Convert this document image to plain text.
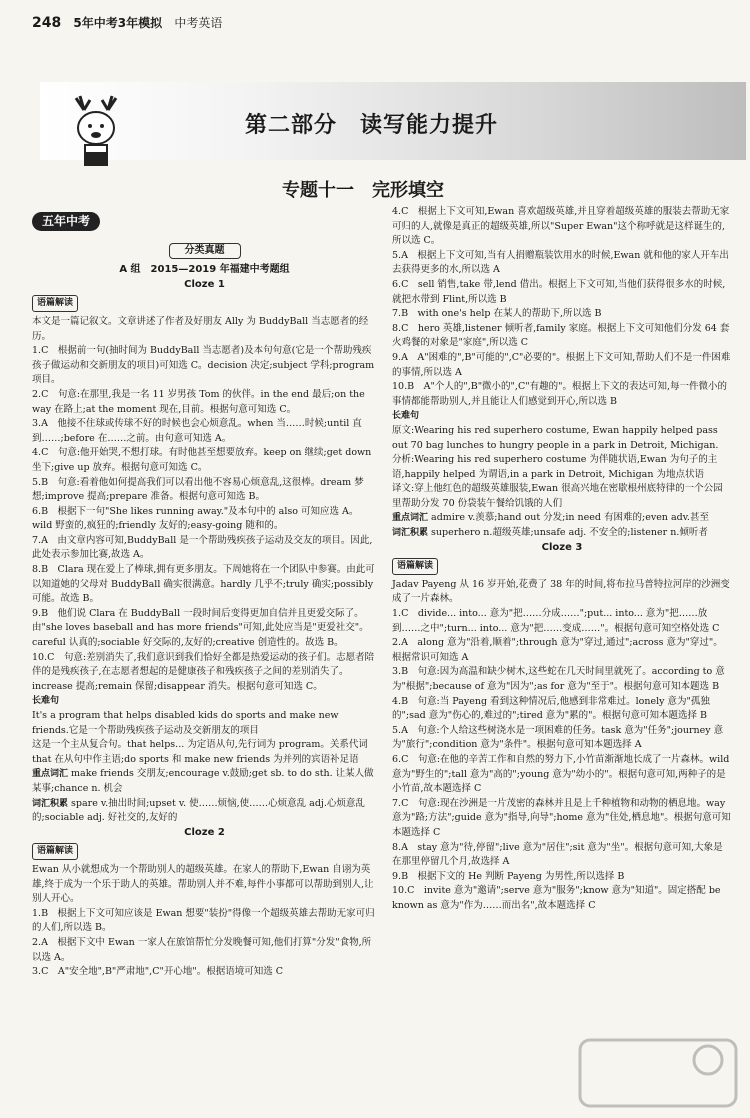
248 5年中考3年模拟 中考英语
第二部分　读写能力提升
专题十一　完形填空
五年中考
分类真题
A 组　2015—2019 年福建中考题组
Cloze 1
语篇解读

本文是一篇记叙文。文章讲述了作者及好朋友 Ally 为 BuddyBall 当志愿者的经历。

1.C　根据前一句(抽时间为 BuddyBall 当志愿者)及本句句意(它是一个帮助残疾孩子做运动和交新朋友的项目)可知选 C。decision 决定;subject 学科;program 项目。

2.C　句意:在那里,我是一名 11 岁男孩 Tom 的伙伴。in the end 最后;on the way 在路上;at the moment 现在,目前。根据句意可知选 C。

3.A　他接不住球或传球不好的时候也会心烦意乱。when 当……时候;until 直到……;before 在……之前。由句意可知选 A。

4.C　句意:他开始哭,不想打球。有时他甚至想要放弃。keep on 继续;get down 坐下;give up 放弃。根据句意可知选 C。

5.B　句意:看着他如何提高我们可以看出他不容易心烦意乱,这很棒。dream 梦想;improve 提高;prepare 准备。根据句意可知选 B。

6.B　根据下一句"She likes running away."及本句中的 also 可知应选 A。wild 野蛮的,疯狂的;friendly 友好的;easy-going 随和的。

7.A　由文章内容可知,BuddyBall 是一个帮助残疾孩子运动及交友的项目。因此,此处表示参加比赛,故选 A。

8.B　Clara 现在爱上了棒球,拥有更多朋友。下周她将在一个团队中参赛。由此可以知道她的父母对 BuddyBall 确实很满意。hardly 几乎不;truly 确实;possibly 可能。故选 B。

9.B　他们说 Clara 在 BuddyBall 一段时间后变得更加自信并且更爱交际了。由"she loves baseball and has more friends"可知,此处应当是"更爱社交"。careful 认真的;sociable 好交际的,友好的;creative 创造性的。故选 B。

10.C　句意:差别消失了,我们意识到我们恰好全都是热爱运动的孩子们。志愿者陪伴的是残疾孩子,在志愿者想起的是健康孩子和残疾孩子之间的差别消失了。increase 提高;remain 保留;disappear 消失。根据句意可知选 C。

长难句

It's a program that helps disabled kids do sports and make new friends.它是一个帮助残疾孩子运动及交新朋友的项目

这是一个主从复合句。that helps... 为定语从句,先行词为 program。关系代词 that 在从句中作主语;do sports 和 make new friends 为并列的宾语补足语

重点词汇 make friends 交朋友;encourage v.鼓励;get sb. to do sth. 让某人做某事;chance n. 机会
词汇积累 spare v.抽出时间;upset v. 使……烦恼,使……心烦意乱 adj.心烦意乱的;sociable adj. 好社交的,友好的
Cloze 2
语篇解读

Ewan 从小就想成为一个帮助别人的超级英雄。在家人的帮助下,Ewan 自诩为英雄,终于成为一个乐于助人的英雄。帮助别人并不难,每件小事都可以帮助到别人,让别人开心。

1.B　根据上下文可知应该是 Ewan 想要"装扮"得像一个超级英雄去帮助无家可归的人们,所以选 B。

2.A　根据下文中 Ewan 一家人在旅馆帮忙分发晚餐可知,他们打算"分发"食物,所以选 A。

3.C　A"安全地",B"严肃地",C"开心地"。根据语境可知选 C

4.C　根据上下文可知,Ewan 喜欢超级英雄,并且穿着超级英雄的服装去帮助无家可归的人,就像是真正的超级英雄,所以"Super Ewan"这个称呼就是这样诞生的,所以选 C。

5.A　根据上下文可知,当有人捐赠瓶装饮用水的时候,Ewan 就和他的家人开车出去获得更多的水,所以选 A

6.C　sell 销售,take 带,lend 借出。根据上下文可知,当他们获得很多水的时候,就把水带到 Flint,所以选 B

7.B　with one's help 在某人的帮助下,所以选 B

8.C　hero 英雄,listener 倾听者,family 家庭。根据上下文可知他们分发 64 套火鸡餐的对象是"家庭",所以选 C

9.A　A"困难的",B"可能的",C"必要的"。根据上下文可知,帮助人们不是一件困难的事情,所以选 A

10.B　A"个人的",B"微小的",C"有趣的"。根据上下文的表达可知,每一件微小的事情都能帮助别人,并且能让人们感觉到开心,所以选 B

长难句

原文:Wearing his red superhero costume, Ewan happily helped pass out 70 bag lunches to hungry people in a park in Detroit, Michigan.

分析:Wearing his red superhero costume 为伴随状语,Ewan 为句子的主语,happily helped 为谓语,in a park in Detroit, Michigan 为地点状语

译文:穿上他红色的超级英雄服装,Ewan 很高兴地在密歇根州底特律的一个公园里帮助分发 70 份袋装午餐给饥饿的人们

重点词汇 admire v.羡慕;hand out 分发;in need 有困难的;even adv.甚至
词汇积累 superhero n.超级英雄;unsafe adj. 不安全的;listener n.倾听者
Cloze 3
语篇解读

Jadav Payeng 从 16 岁开始,花费了 38 年的时间,将布拉马普特拉河岸的沙洲变成了一片森林。

1.C　divide... into... 意为"把……分成……";put... into... 意为"把……放到……之中";turn... into... 意为"把……变成……"。根据句意可知空格处选 C

2.A　along 意为"沿着,顺着";through 意为"穿过,通过";across 意为"穿过"。根据常识可知选 A

3.B　句意:因为高温和缺少树木,这些蛇在几天时间里就死了。according to 意为"根据";because of 意为"因为";as for 意为"至于"。根据句意可知本题选 B

4.B　句意:当 Payeng 看到这种情况后,他感到非常难过。lonely 意为"孤独的";sad 意为"伤心的,难过的";tired 意为"累的"。根据句意可知本题选择 B

5.A　句意:个人给这些树浇水是一项困难的任务。task 意为"任务";journey 意为"旅行";condition 意为"条件"。根据句意可知本题选择 A

6.C　句意:在他的辛苦工作和自然的努力下,小竹苗渐渐地长成了一片森林。wild 意为"野生的";tall 意为"高的";young 意为"幼小的"。根据句意可知,两种子的是小竹苗,故本题选择 C

7.C　句意:现在沙洲是一片茂密的森林并且是上千种植物和动物的栖息地。way 意为"路;方法";guide 意为"指导,向导";home 意为"住处,栖息地"。根据句意可知本题选择 C

8.A　stay 意为"待,停留";live 意为"居住";sit 意为"坐"。根据句意可知,大象是在那里停留几个月,故选择 A

9.B　根据下文的 He 判断 Payeng 为男性,所以选择 B

10.C　invite 意为"邀请";serve 意为"服务";know 意为"知道"。固定搭配 be known as 意为"作为……而出名",故本题选择 C
